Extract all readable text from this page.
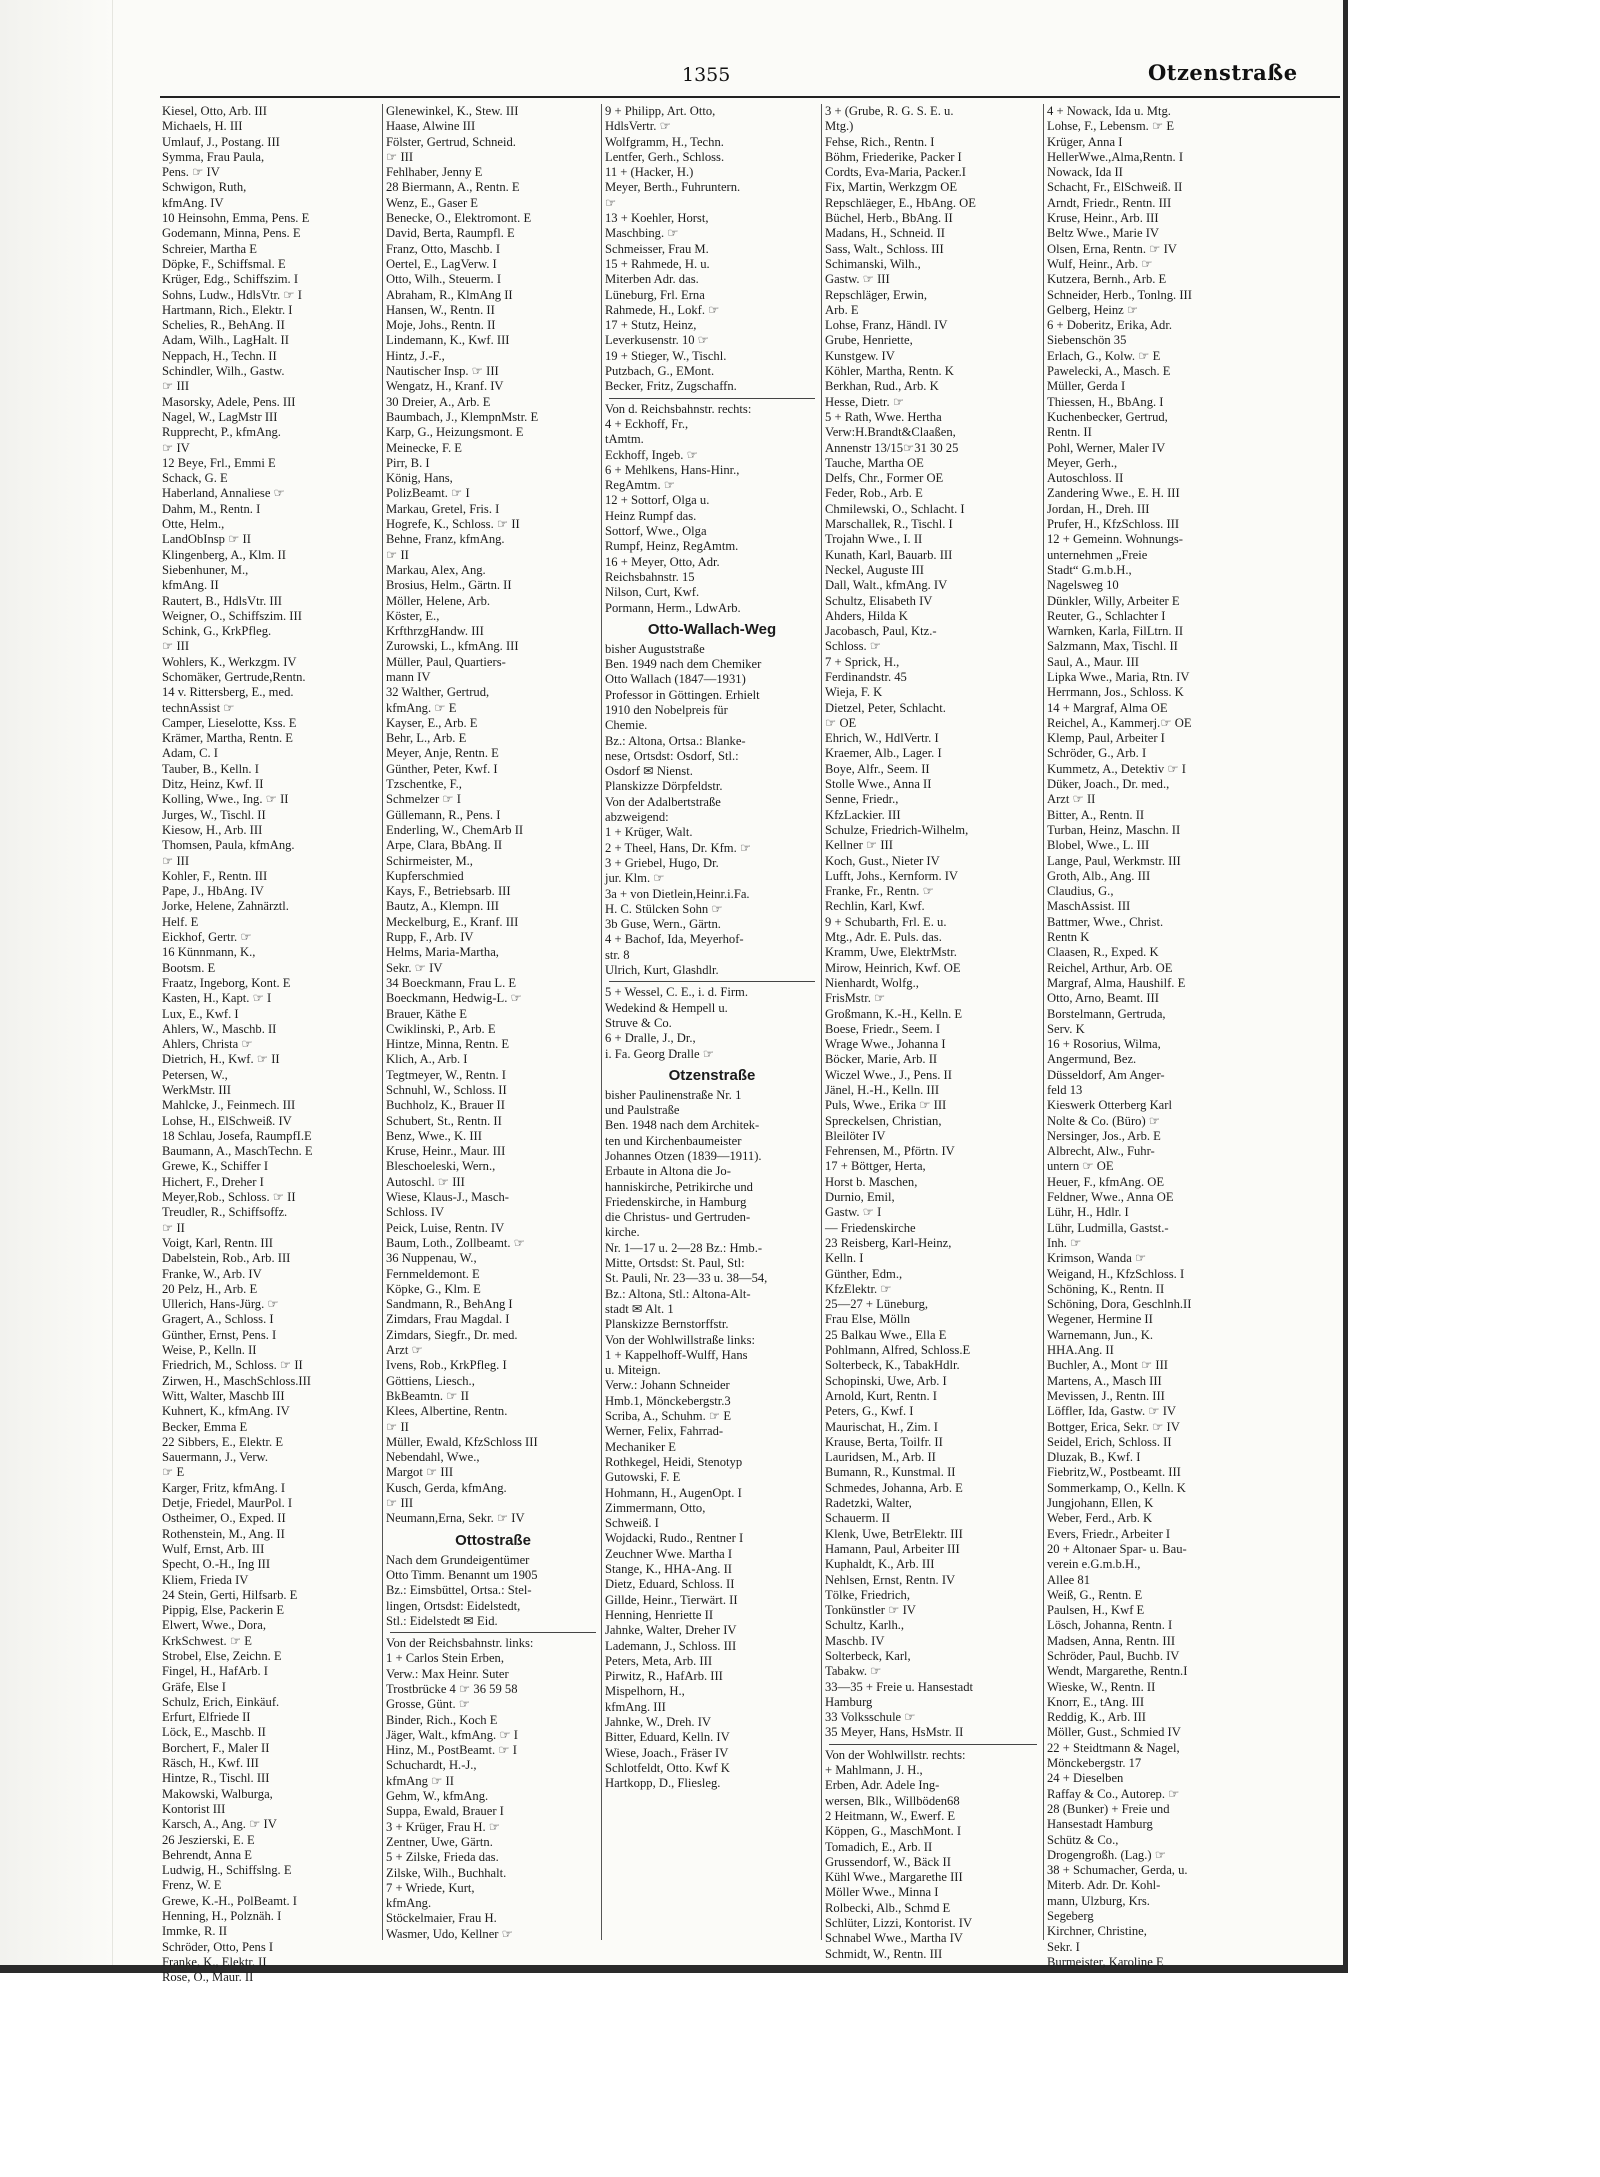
1355	Otzenstraße
Kiesel, Otto, Arb. III
Michaels, H. III
Umlauf, J., Postang. III
Symma, Frau Paula,
Pens. ☞ IV
Schwigon, Ruth,
kfmAng. IV
10 Heinsohn, Emma, Pens. E
Godemann, Minna, Pens. E
Schreier, Martha E
Döpke, F., Schiffsmal. E
Krüger, Edg., Schiffszim. I
Sohns, Ludw., HdlsVtr. ☞ I
Hartmann, Rich., Elektr. I
Schelies, R., BehAng. II
Adam, Wilh., LagHalt. II
Neppach, H., Techn. II
Schindler, Wilh., Gastw.
☞ III
Masorsky, Adele, Pens. III
Nagel, W., LagMstr III
Rupprecht, P., kfmAng.
☞ IV
12 Beye, Frl., Emmi E
Schack, G. E
Haberland, Annaliese ☞
Dahm, M., Rentn. I
Otte, Helm.,
LandObInsp ☞ II
Klingenberg, A., Klm. II
Siebenhuner, M.,
kfmAng. II
Rautert, B., HdlsVtr. III
Weigner, O., Schiffszim. III
Schink, G., KrkPfleg.
☞ III
Wohlers, K., Werkzgm. IV
Schomäker, Gertrude,Rentn.
14 v. Rittersberg, E., med.
technAssist ☞
Camper, Lieselotte, Kss. E
Krämer, Martha, Rentn. E
Adam, C. I
Tauber, B., Kelln. I
Ditz, Heinz, Kwf. II
Kolling, Wwe., Ing. ☞ II
Jurges, W., Tischl. II
Kiesow, H., Arb. III
Thomsen, Paula, kfmAng.
☞ III
Kohler, F., Rentn. III
Pape, J., HbAng. IV
Jorke, Helene, Zahnärztl.
Helf. E
Eickhof, Gertr. ☞
16 Künnmann, K.,
Bootsm. E
Fraatz, Ingeborg, Kont. E
Kasten, H., Kapt. ☞ I
Lux, E., Kwf. I
Ahlers, W., Maschb. II
Ahlers, Christa ☞
Dietrich, H., Kwf. ☞ II
Petersen, W.,
WerkMstr. III
Mahlcke, J., Feinmech. III
Lohse, H., ElSchweiß. IV
18 Schlau, Josefa, RaumpfI.E
Baumann, A., MaschTechn. E
Grewe, K., Schiffer I
Hichert, F., Dreher I
Meyer,Rob., Schloss. ☞ II
Treudler, R., Schiffsoffz.
☞ II
Voigt, Karl, Rentn. III
Dabelstein, Rob., Arb. III
Franke, W., Arb. IV
20 Pelz, H., Arb. E
Ullerich, Hans-Jürg. ☞
Gragert, A., Schloss. I
Günther, Ernst, Pens. I
Weise, P., Kelln. II
Friedrich, M., Schloss. ☞ II
Zirwen, H., MaschSchloss.III
Witt, Walter, Maschb III
Kuhnert, K., kfmAng. IV
Becker, Emma E
22 Sibbers, E., Elektr. E
Sauermann, J., Verw.
☞ E
Karger, Fritz, kfmAng. I
Detje, Friedel, MaurPol. I
Ostheimer, O., Exped. II
Rothenstein, M., Ang. II
Wulf, Ernst, Arb. III
Specht, O.-H., Ing III
Kliem, Frieda IV
24 Stein, Gerti, Hilfsarb. E
Pippig, Else, Packerin E
Elwert, Wwe., Dora,
KrkSchwest. ☞ E
Strobel, Else, Zeichn. E
Fingel, H., HafArb. I
Gräfe, Else I
Schulz, Erich, Einkäuf.
Erfurt, Elfriede II
Löck, E., Maschb. II
Borchert, F., Maler II
Räsch, H., Kwf. III
Hintze, R., Tischl. III
Makowski, Walburga,
Kontorist III
Karsch, A., Ang. ☞ IV
26 Jeszierski, E. E
Behrendt, Anna E
Ludwig, H., Schiffslng. E
Frenz, W. E
Grewe, K.-H., PolBeamt. I
Henning, H., Polznäh. I
Immke, R. II
Schröder, Otto, Pens I
Franke, K., Elektr. II
Rose, O., Maur. II
Glenewinkel, K., Stew. III
Haase, Alwine III
Fölster, Gertrud, Schneid.
☞ III
Fehlhaber, Jenny E
28 Biermann, A., Rentn. E
Wenz, E., Gaser E
Benecke, O., Elektromont. E
David, Berta, Raumpfl. E
Franz, Otto, Maschb. I
Oertel, E., LagVerw. I
Otto, Wilh., Steuerm. I
Abraham, R., KlmAng II
Hansen, W., Rentn. II
Moje, Johs., Rentn. II
Lindemann, K., Kwf. III
Hintz, J.-F.,
Nautischer Insp. ☞ III
Wengatz, H., Kranf. IV
30 Dreier, A., Arb. E
Baumbach, J., KlempnMstr. E
Karp, G., Heizungsmont. E
Meinecke, F. E
Pirr, B. I
König, Hans,
PolizBeamt. ☞ I
Markau, Gretel, Fris. I
Hogrefe, K., Schloss. ☞ II
Behne, Franz, kfmAng.
☞ II
Markau, Alex, Ang.
Brosius, Helm., Gärtn. II
Möller, Helene, Arb.
Köster, E.,
KrfthrzgHandw. III
Zurowski, L., kfmAng. III
Müller, Paul, Quartiers-
mann IV
32 Walther, Gertrud,
kfmAng. ☞ E
Kayser, E., Arb. E
Behr, L., Arb. E
Meyer, Anje, Rentn. E
Günther, Peter, Kwf. I
Tzschentke, F.,
Schmelzer ☞ I
Güllemann, R., Pens. I
Enderling, W., ChemArb II
Arpe, Clara, BbAng. II
Schirmeister, M.,
Kupferschmied
Kays, F., Betriebsarb. III
Bautz, A., Klempn. III
Meckelburg, E., Kranf. III
Rupp, F., Arb. IV
Helms, Maria-Martha,
Sekr. ☞ IV
34 Boeckmann, Frau L. E
Boeckmann, Hedwig-L. ☞
Brauer, Käthe E
Cwiklinski, P., Arb. E
Hintze, Minna, Rentn. E
Klich, A., Arb. I
Tegtmeyer, W., Rentn. I
Schnuhl, W., Schloss. II
Buchholz, K., Brauer II
Schubert, St., Rentn. II
Benz, Wwe., K. III
Kruse, Heinr., Maur. III
Bleschoeleski, Wern.,
Autoschl. ☞ III
Wiese, Klaus-J., Masch-
Schloss. IV
Peick, Luise, Rentn. IV
Baum, Loth., Zollbeamt. ☞
36 Nuppenau, W.,
Fernmeldemont. E
Köpke, G., Klm. E
Sandmann, R., BehAng I
Zimdars, Frau Magdal. I
Zimdars, Siegfr., Dr. med.
Arzt ☞
Ivens, Rob., KrkPfleg. I
Göttiens, Liesch.,
BkBeamtn. ☞ II
Klees, Albertine, Rentn.
☞ II
Müller, Ewald, KfzSchloss III
Nebendahl, Wwe.,
Margot ☞ III
Kusch, Gerda, kfmAng.
☞ III
Neumann,Erna, Sekr. ☞ IV
Ottostraße
Nach dem Grundeigentümer
Otto Timm. Benannt um 1905
Bz.: Eimsbüttel, Ortsa.: Stel-
lingen, Ortsdst: Eidelstedt,
Stl.: Eidelstedt ✉ Eid.
Von der Reichsbahnstr. links:
1 + Carlos Stein Erben,
Verw.: Max Heinr. Suter
Trostbrücke 4 ☞ 36 59 58
Grosse, Günt. ☞
Binder, Rich., Koch E
Jäger, Walt., kfmAng. ☞ I
Hinz, M., PostBeamt. ☞ I
Schuchardt, H.-J.,
kfmAng ☞ II
Gehm, W., kfmAng.
Suppa, Ewald, Brauer I
3 + Krüger, Frau H. ☞
Zentner, Uwe, Gärtn.
5 + Zilske, Frieda das.
Zilske, Wilh., Buchhalt.
7 + Wriede, Kurt,
kfmAng.
Stöckelmaier, Frau H.
Wasmer, Udo, Kellner ☞
9 + Philipp, Art. Otto,
HdlsVertr. ☞
Wolfgramm, H., Techn.
Lentfer, Gerh., Schloss.
11 + (Hacker, H.)
Meyer, Berth., Fuhruntern.
☞
13 + Koehler, Horst,
Maschbing. ☞
Schmeisser, Frau M.
15 + Rahmede, H. u.
Miterben Adr. das.
Lüneburg, Frl. Erna
Rahmede, H., Lokf. ☞
17 + Stutz, Heinz,
Leverkusenstr. 10 ☞
19 + Stieger, W., Tischl.
Putzbach, G., EMont.
Becker, Fritz, Zugschaffn.
Von d. Reichsbahnstr. rechts:
4 + Eckhoff, Fr.,
tAmtm.
Eckhoff, Ingeb. ☞
6 + Mehlkens, Hans-Hinr.,
RegAmtm. ☞
12 + Sottorf, Olga u.
Heinz Rumpf das.
Sottorf, Wwe., Olga
Rumpf, Heinz, RegAmtm.
16 + Meyer, Otto, Adr.
Reichsbahnstr. 15
Nilson, Curt, Kwf.
Pormann, Herm., LdwArb.
Otto-Wallach-Weg
bisher Auguststraße
Ben. 1949 nach dem Chemiker
Otto Wallach (1847—1931)
Professor in Göttingen. Erhielt
1910 den Nobelpreis für
Chemie.
Bz.: Altona, Ortsa.: Blanke-
nese, Ortsdst: Osdorf, Stl.:
Osdorf ✉ Nienst.
Planskizze Dörpfeldstr.
Von der Adalbertstraße
abzweigend:
1 + Krüger, Walt.
2 + Theel, Hans, Dr. Kfm. ☞
3 + Griebel, Hugo, Dr.
jur. Klm. ☞
3a + von Dietlein,Heinr.i.Fa.
H. C. Stülcken Sohn ☞
3b Guse, Wern., Gärtn.
4 + Bachof, Ida, Meyerhof-
str. 8
Ulrich, Kurt, Glashdlr.
5 + Wessel, C. E., i. d. Firm.
Wedekind & Hempell u.
Struve & Co.
6 + Dralle, J., Dr.,
i. Fa. Georg Dralle ☞
Otzenstraße
bisher Paulinenstraße Nr. 1
und Paulstraße
Ben. 1948 nach dem Architek-
ten und Kirchenbaumeister
Johannes Otzen (1839—1911).
Erbaute in Altona die Jo-
hanniskirche, Petrikirche und
Friedenskirche, in Hamburg
die Christus- und Gertruden-
kirche.
Nr. 1—17 u. 2—28 Bz.: Hmb.-
Mitte, Ortsdst: St. Paul, Stl:
St. Pauli, Nr. 23—33 u. 38—54,
Bz.: Altona, Stl.: Altona-Alt-
stadt ✉ Alt. 1
Planskizze Bernstorffstr.
Von der Wohlwillstraße links:
1 + Kappelhoff-Wulff, Hans
u. Miteign.
Verw.: Johann Schneider
Hmb.1, Mönckebergstr.3
Scriba, A., Schuhm. ☞ E
Werner, Felix, Fahrrad-
Mechaniker E
Rothkegel, Heidi, Stenotyp
Gutowski, F. E
Hohmann, H., AugenOpt. I
Zimmermann, Otto,
Schweiß. I
Wojdacki, Rudo., Rentner I
Zeuchner Wwe. Martha I
Stange, K., HHA-Ang. II
Dietz, Eduard, Schloss. II
Gillde, Heinr., Tierwärt. II
Henning, Henriette II
Jahnke, Walter, Dreher IV
Lademann, J., Schloss. III
Peters, Meta, Arb. III
Pirwitz, R., HafArb. III
Mispelhorn, H.,
kfmAng. III
Jahnke, W., Dreh. IV
Bitter, Eduard, Kelln. IV
Wiese, Joach., Fräser IV
Schlotfeldt, Otto. Kwf K
Hartkopp, D., Fliesleg.
3 + (Grube, R. G. S. E. u.
Mtg.)
Fehse, Rich., Rentn. I
Böhm, Friederike, Packer I
Cordts, Eva-Maria, Packer.I
Fix, Martin, Werkzgm OE
Repschläeger, E., HbAng. OE
Büchel, Herb., BbAng. II
Madans, H., Schneid. II
Sass, Walt., Schloss. III
Schimanski, Wilh.,
Gastw. ☞ III
Repschläger, Erwin,
Arb. E
Lohse, Franz, Händl. IV
Grube, Henriette,
Kunstgew. IV
Köhler, Martha, Rentn. K
Berkhan, Rud., Arb. K
Hesse, Dietr. ☞
5 + Rath, Wwe. Hertha
Verw:H.Brandt&Claaßen,
Annenstr 13/15☞31 30 25
Tauche, Martha OE
Delfs, Chr., Former OE
Feder, Rob., Arb. E
Chmilewski, O., Schlacht. I
Marschallek, R., Tischl. I
Trojahn Wwe., I. II
Kunath, Karl, Bauarb. III
Neckel, Auguste III
Dall, Walt., kfmAng. IV
Schultz, Elisabeth IV
Ahders, Hilda K
Jacobasch, Paul, Ktz.-
Schloss. ☞
7 + Sprick, H.,
Ferdinandstr. 45
Wieja, F. K
Dietzel, Peter, Schlacht.
☞ OE
Ehrich, W., HdlVertr. I
Kraemer, Alb., Lager. I
Boye, Alfr., Seem. II
Stolle Wwe., Anna II
Senne, Friedr.,
KfzLackier. III
Schulze, Friedrich-Wilhelm,
Kellner ☞ III
Koch, Gust., Nieter IV
Lufft, Johs., Kernform. IV
Franke, Fr., Rentn. ☞
Rechlin, Karl, Kwf.
9 + Schubarth, Frl. E. u.
Mtg., Adr. E. Puls. das.
Kramm, Uwe, ElektrMstr.
Mirow, Heinrich, Kwf. OE
Nienhardt, Wolfg.,
FrisMstr. ☞
Großmann, K.-H., Kelln. E
Boese, Friedr., Seem. I
Wrage Wwe., Johanna I
Böcker, Marie, Arb. II
Wiczel Wwe., J., Pens. II
Jänel, H.-H., Kelln. III
Puls, Wwe., Erika ☞ III
Spreckelsen, Christian,
Bleilöter IV
Fehrensen, M., Pförtn. IV
17 + Böttger, Herta,
Horst b. Maschen,
Durnio, Emil,
Gastw. ☞ I
— Friedenskirche
23 Reisberg, Karl-Heinz,
Kelln. I
Günther, Edm.,
KfzElektr. ☞
25—27 + Lüneburg,
Frau Else, Mölln
25 Balkau Wwe., Ella E
Pohlmann, Alfred, Schloss.E
Solterbeck, K., TabakHdlr.
Schopinski, Uwe, Arb. I
Arnold, Kurt, Rentn. I
Peters, G., Kwf. I
Maurischat, H., Zim. I
Krause, Berta, Toilfr. II
Lauridsen, M., Arb. II
Bumann, R., Kunstmal. II
Schmedes, Johanna, Arb. E
Radetzki, Walter,
Schauerm. II
Klenk, Uwe, BetrElektr. III
Hamann, Paul, Arbeiter III
Kuphaldt, K., Arb. III
Nehlsen, Ernst, Rentn. IV
Tölke, Friedrich,
Tonkünstler ☞ IV
Schultz, Karlh.,
Maschb. IV
Solterbeck, Karl,
Tabakw. ☞
33—35 + Freie u. Hansestadt
Hamburg
33 Volksschule ☞
35 Meyer, Hans, HsMstr. II
Von der Wohlwillstr. rechts:
+ Mahlmann, J. H.,
Erben, Adr. Adele Ing-
wersen, Blk., Willböden68
2 Heitmann, W., Ewerf. E
Köppen, G., MaschMont. I
Tomadich, E., Arb. II
Grussendorf, W., Bäck II
Kühl Wwe., Margarethe III
Möller Wwe., Minna I
Rolbecki, Alb., Schmd E
Schlüter, Lizzi, Kontorist. IV
Schnabel Wwe., Martha IV
Schmidt, W., Rentn. III
4 + Nowack, Ida u. Mtg.
Lohse, F., Lebensm. ☞ E
Krüger, Anna I
HellerWwe.,Alma,Rentn. I
Nowack, Ida II
Schacht, Fr., ElSchweiß. II
Arndt, Friedr., Rentn. III
Kruse, Heinr., Arb. III
Beltz Wwe., Marie IV
Olsen, Erna, Rentn. ☞ IV
Wulf, Heinr., Arb. ☞
Kutzera, Bernh., Arb. E
Schneider, Herb., Tonlng. III
Gelberg, Heinz ☞
6 + Doberitz, Erika, Adr.
Siebenschön 35
Erlach, G., Kolw. ☞ E
Pawelecki, A., Masch. E
Müller, Gerda I
Thiessen, H., BbAng. I
Kuchenbecker, Gertrud,
Rentn. II
Pohl, Werner, Maler IV
Meyer, Gerh.,
Autoschloss. II
Zandering Wwe., E. H. III
Jordan, H., Dreh. III
Prufer, H., KfzSchloss. III
12 + Gemeinn. Wohnungs-
unternehmen „Freie
Stadt“ G.m.b.H.,
Nagelsweg 10
Dünkler, Willy, Arbeiter E
Reuter, G., Schlachter I
Warnken, Karla, FilLtrn. II
Salzmann, Max, Tischl. II
Saul, A., Maur. III
Lipka Wwe., Maria, Rtn. IV
Herrmann, Jos., Schloss. K
14 + Margraf, Alma OE
Reichel, A., Kammerj.☞ OE
Klemp, Paul, Arbeiter I
Schröder, G., Arb. I
Kummetz, A., Detektiv ☞ I
Düker, Joach., Dr. med.,
Arzt ☞ II
Bitter, A., Rentn. II
Turban, Heinz, Maschn. II
Blobel, Wwe., L. III
Lange, Paul, Werkmstr. III
Groth, Alb., Ang. III
Claudius, G.,
MaschAssist. III
Battmer, Wwe., Christ.
Rentn K
Claasen, R., Exped. K
Reichel, Arthur, Arb. OE
Margraf, Alma, Haushilf. E
Otto, Arno, Beamt. III
Borstelmann, Gertruda,
Serv. K
16 + Rosorius, Wilma,
Angermund, Bez.
Düsseldorf, Am Anger-
feld 13
Kieswerk Otterberg Karl
Nolte & Co. (Büro) ☞
Nersinger, Jos., Arb. E
Albrecht, Alw., Fuhr-
untern ☞ OE
Heuer, F., kfmAng. OE
Feldner, Wwe., Anna OE
Lühr, H., Hdlr. I
Lühr, Ludmilla, Gastst.-
Inh. ☞
Krimson, Wanda ☞
Weigand, H., KfzSchloss. I
Schöning, K., Rentn. II
Schöning, Dora, Geschlnh.II
Wegener, Hermine II
Warnemann, Jun., K.
HHA.Ang. II
Buchler, A., Mont ☞ III
Martens, A., Masch III
Mevissen, J., Rentn. III
Löffler, Ida, Gastw. ☞ IV
Bottger, Erica, Sekr. ☞ IV
Seidel, Erich, Schloss. II
Dluzak, B., Kwf. I
Fiebritz,W., Postbeamt. III
Sommerkamp, O., Kelln. K
Jungjohann, Ellen, K
Weber, Ferd., Arb. K
Evers, Friedr., Arbeiter I
20 + Altonaer Spar- u. Bau-
verein e.G.m.b.H.,
Allee 81
Weiß, G., Rentn. E
Paulsen, H., Kwf E
Lösch, Johanna, Rentn. I
Madsen, Anna, Rentn. III
Schröder, Paul, Buchb. IV
Wendt, Margarethe, Rentn.I
Wieske, W., Rentn. II
Knorr, E., tAng. III
Reddig, K., Arb. III
Möller, Gust., Schmied IV
22 + Steidtmann & Nagel,
Mönckebergstr. 17
24 + Dieselben
Raffay & Co., Autorep. ☞
28 (Bunker) + Freie und
Hansestadt Hamburg
Schütz & Co.,
Drogengroßh. (Lag.) ☞
38 + Schumacher, Gerda, u.
Miterb. Adr. Dr. Kohl-
mann, Ulzburg, Krs.
Segeberg
Kirchner, Christine,
Sekr. I
Burmeister, Karoline E
